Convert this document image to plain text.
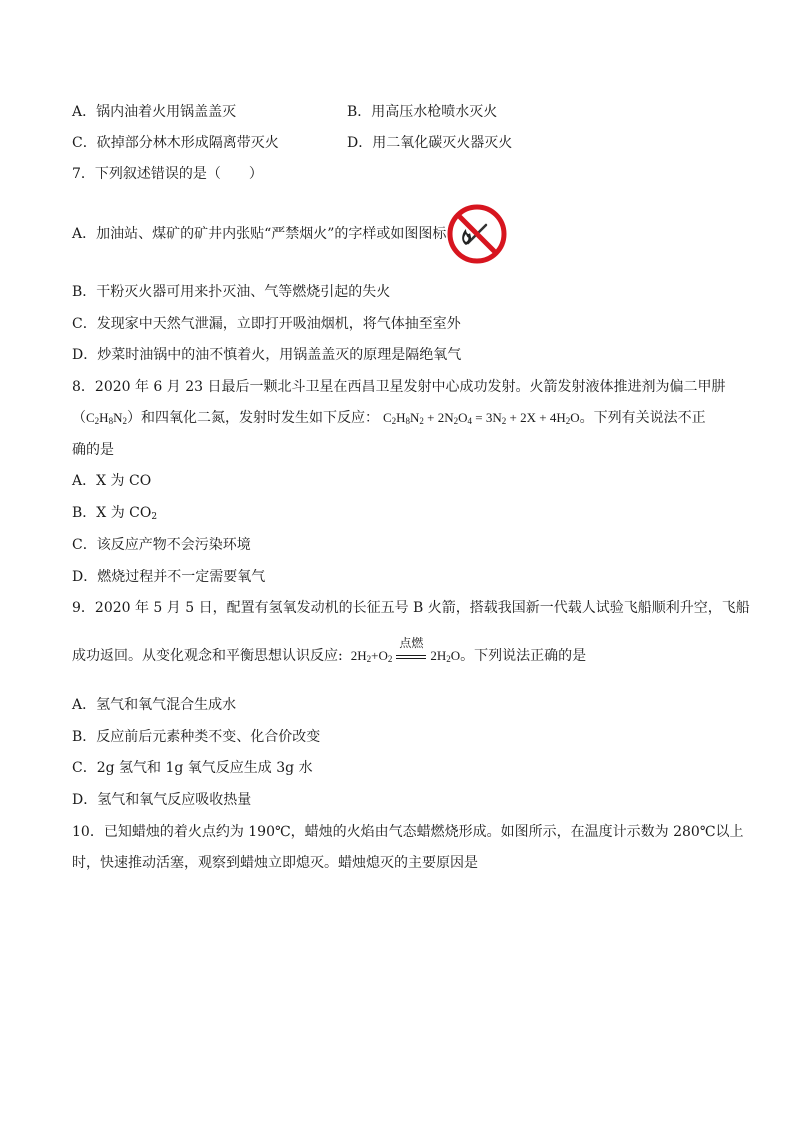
A．锅内油着火用锅盖盖灭	B．用高压水枪喷水灭火
C．砍掉部分林木形成隔离带灭火	D．用二氧化碳灭火器灭火
7．下列叙述错误的是（　　）
A．加油站、煤矿的矿井内张贴“严禁烟火”的字样或如图图标
B．干粉灭火器可用来扑灭油、气等燃烧引起的失火
C．发现家中天然气泄漏，立即打开吸油烟机，将气体抽至室外
D．炒菜时油锅中的油不慎着火，用锅盖盖灭的原理是隔绝氧气
8．2020 年 6 月 23 日最后一颗北斗卫星在西昌卫星发射中心成功发射。火箭发射液体推进剂为偏二甲肼
$(C_2H_8N_2)$和四氧化二氮，发射时发生如下反应： $C_2H_8N_2 + 2N_2O_4 = 3N_2 + 2X + 4H_2O$。下列有关说法不正
确的是
A．X 为 CO
B．X 为 $CO_2$
C．该反应产物不会污染环境
D．燃烧过程并不一定需要氧气
9．2020 年 5 月 5 日，配置有氢氧发动机的长征五号 B 火箭，搭载我国新一代载人试验飞船顺利升空，飞船
成功返回。从变化观念和平衡思想认识反应: $2H_2+O_2$
点燃
$2H_2O$。下列说法正确的是
A．氢气和氧气混合生成水
B．反应前后元素种类不变、化合价改变
C．2g 氢气和 1g 氧气反应生成 3g 水
D．氢气和氧气反应吸收热量
10．已知蜡烛的着火点约为 190℃，蜡烛的火焰由气态蜡燃烧形成。如图所示，在温度计示数为 280℃以上
时，快速推动活塞，观察到蜡烛立即熄灭。蜡烛熄灭的主要原因是
